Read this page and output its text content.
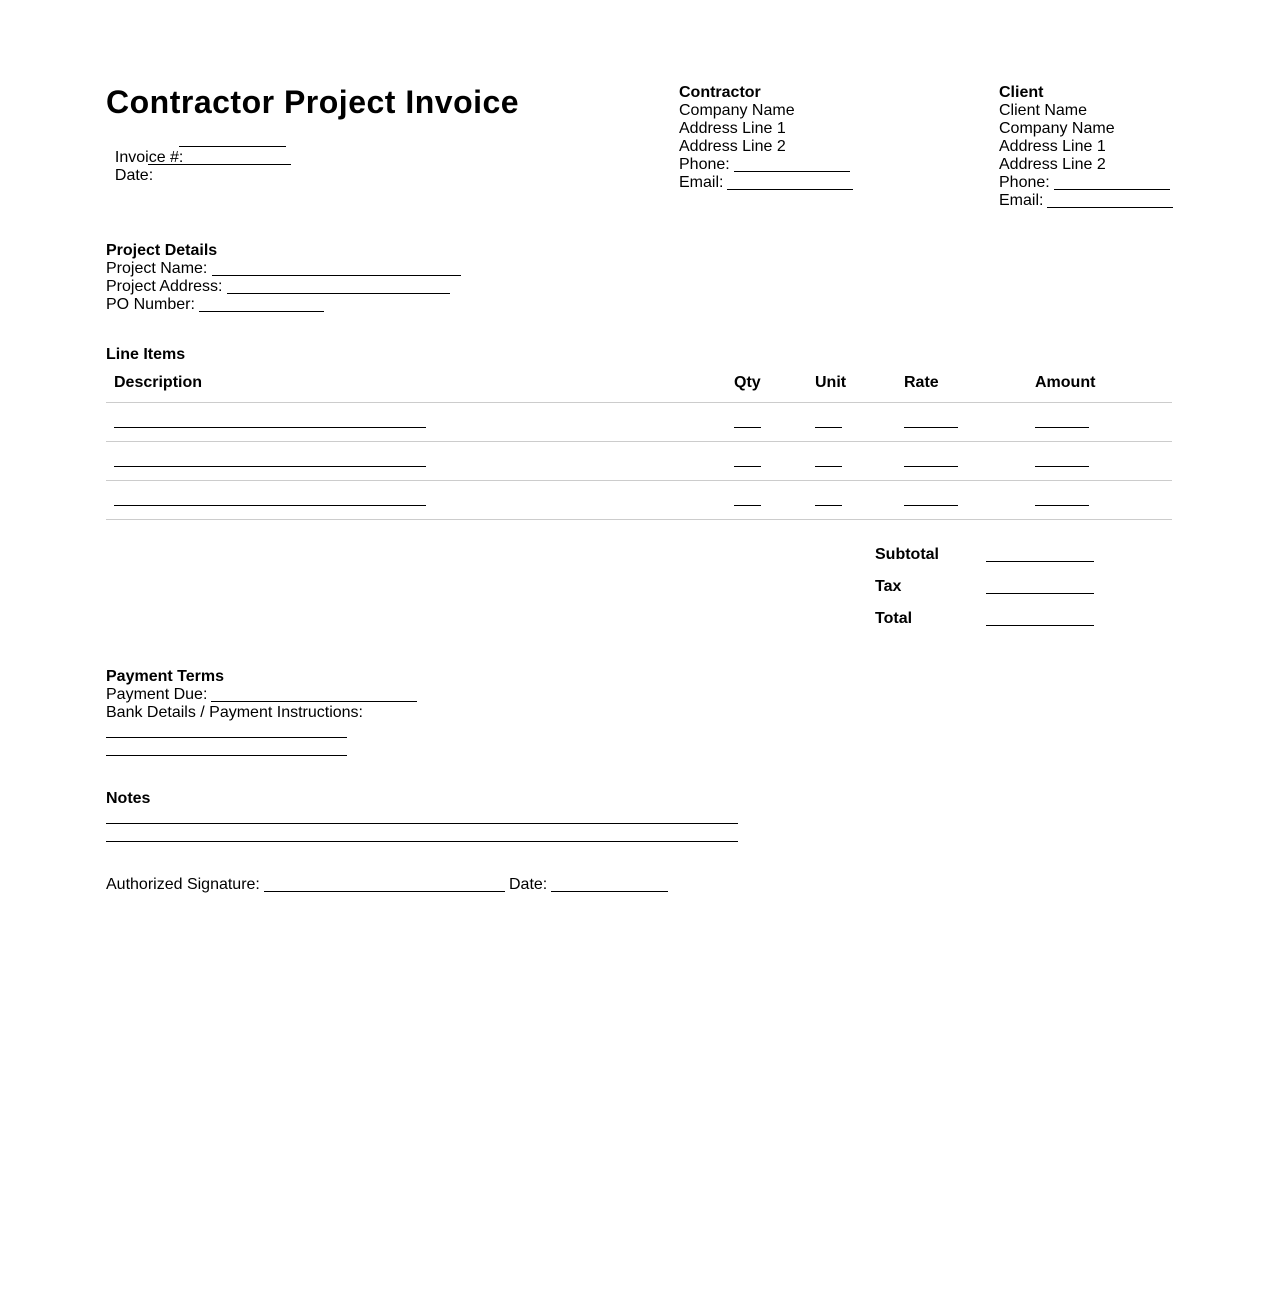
Contractor Project Invoice

Invoice #:

Date:

Contractor
Company Name
Address Line 1
Address Line 2
Phone:
Email:
Client
Client Name
Company Name
Address Line 1
Address Line 2
Phone:
Email:
Project Details
Project Name:
Project Address:
PO Number:
Line Items
Description	Qty	Unit	Rate	Amount
Subtotal
Tax
Total
Payment Terms
Payment Due:
Bank Details / Payment Instructions:
Notes
Authorized Signature:	Date:
